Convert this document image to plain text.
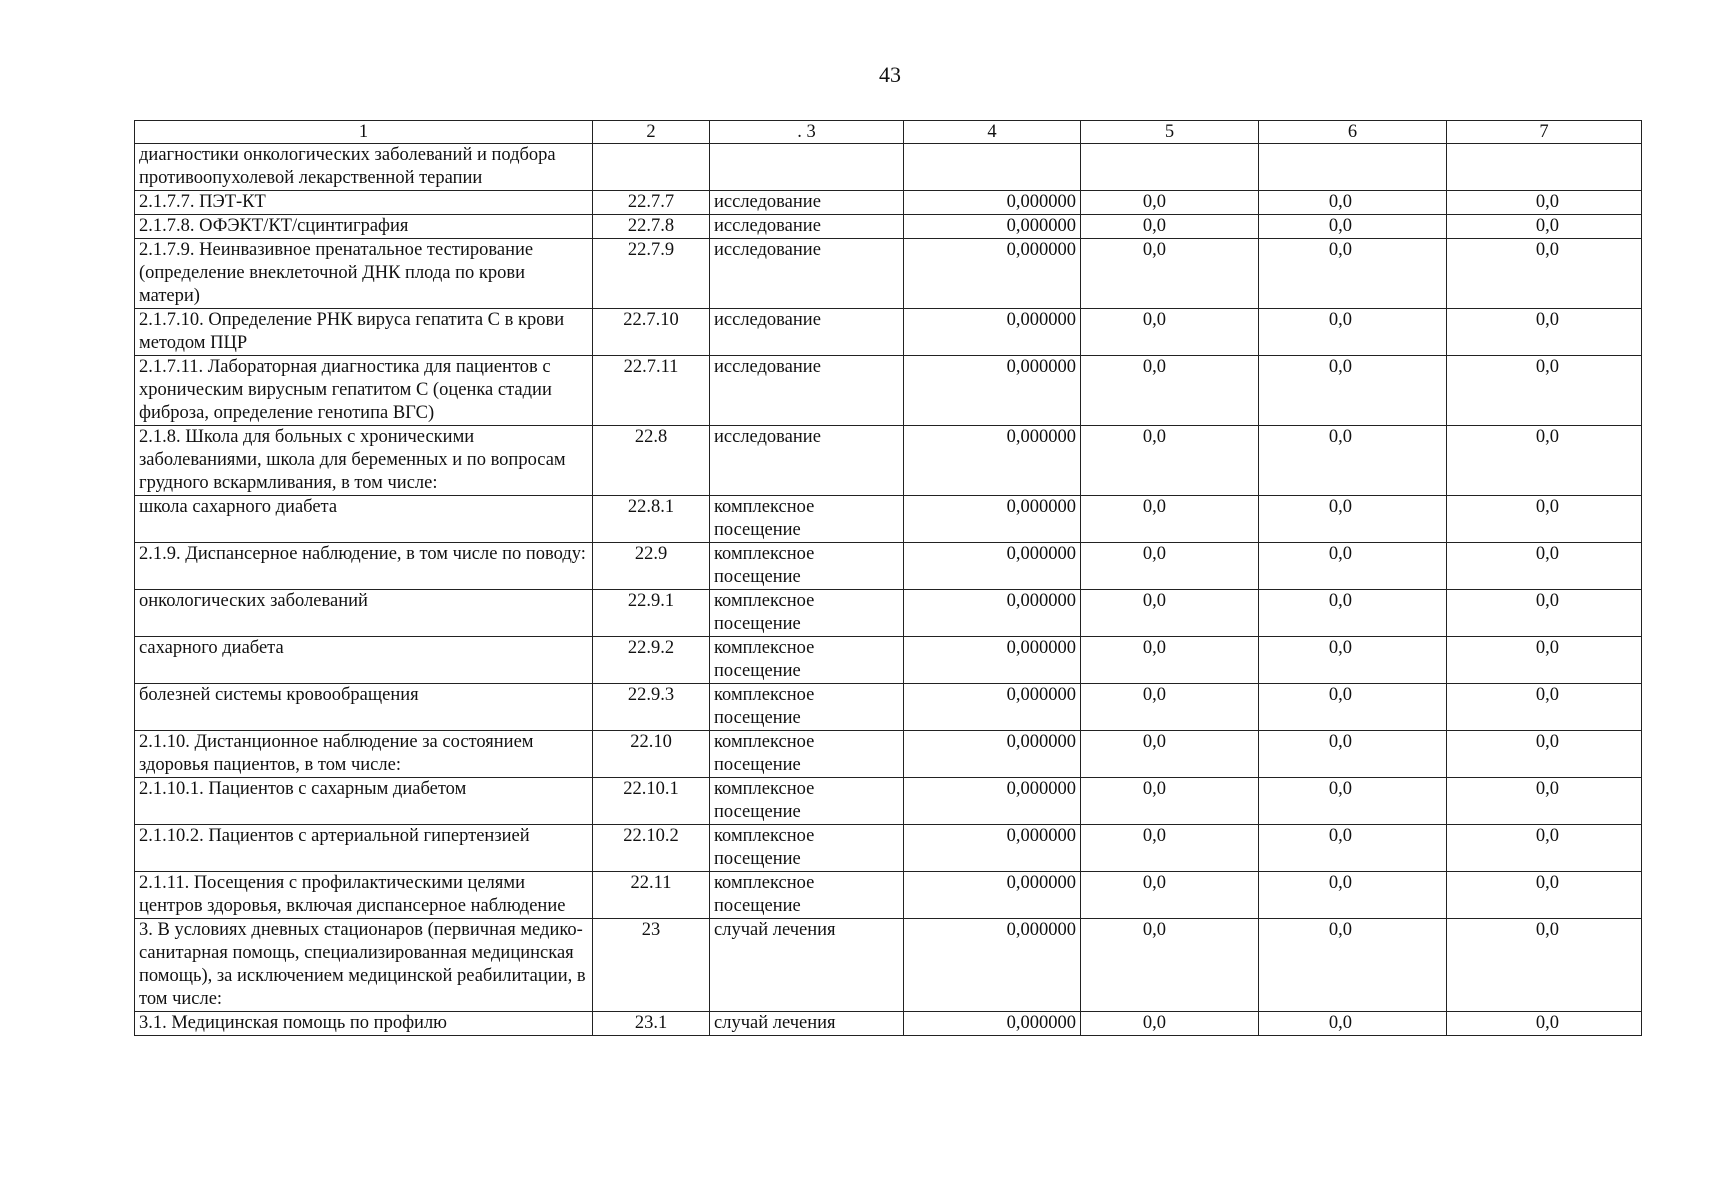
43
1	2	. 3	4	5	6	7
диагностики онкологических заболеваний и подбора противоопухолевой лекарственной терапии						
2.1.7.7. ПЭТ-КТ	22.7.7	исследование	0,000000	0,0	0,0	0,0
2.1.7.8. ОФЭКТ/КТ/сцинтиграфия	22.7.8	исследование	0,000000	0,0	0,0	0,0
2.1.7.9. Неинвазивное пренатальное тестирование (определение внеклеточной ДНК плода по крови матери)	22.7.9	исследование	0,000000	0,0	0,0	0,0
2.1.7.10. Определение РНК вируса гепатита С в крови методом ПЦР	22.7.10	исследование	0,000000	0,0	0,0	0,0
2.1.7.11. Лабораторная диагностика для пациентов с хроническим вирусным гепатитом С (оценка стадии фиброза, определение генотипа ВГС)	22.7.11	исследование	0,000000	0,0	0,0	0,0
2.1.8. Школа для больных с хроническими заболеваниями, школа для беременных и по вопросам грудного вскармливания, в том числе:	22.8	исследование	0,000000	0,0	0,0	0,0
школа сахарного диабета	22.8.1	комплексное посещение	0,000000	0,0	0,0	0,0
2.1.9. Диспансерное наблюдение, в том числе по поводу:	22.9	комплексное посещение	0,000000	0,0	0,0	0,0
онкологических заболеваний	22.9.1	комплексное посещение	0,000000	0,0	0,0	0,0
сахарного диабета	22.9.2	комплексное посещение	0,000000	0,0	0,0	0,0
болезней системы кровообращения	22.9.3	комплексное посещение	0,000000	0,0	0,0	0,0
2.1.10. Дистанционное наблюдение за состоянием здоровья пациентов, в том числе:	22.10	комплексное посещение	0,000000	0,0	0,0	0,0
2.1.10.1. Пациентов с сахарным диабетом	22.10.1	комплексное посещение	0,000000	0,0	0,0	0,0
2.1.10.2. Пациентов с артериальной гипертензией	22.10.2	комплексное посещение	0,000000	0,0	0,0	0,0
2.1.11. Посещения с профилактическими целями центров здоровья, включая диспансерное наблюдение	22.11	комплексное посещение	0,000000	0,0	0,0	0,0
3. В условиях дневных стационаров (первичная медико-санитарная помощь, специализированная медицинская помощь), за исключением медицинской реабилитации, в том числе:	23	случай лечения	0,000000	0,0	0,0	0,0
3.1. Медицинская помощь по профилю	23.1	случай лечения	0,000000	0,0	0,0	0,0
